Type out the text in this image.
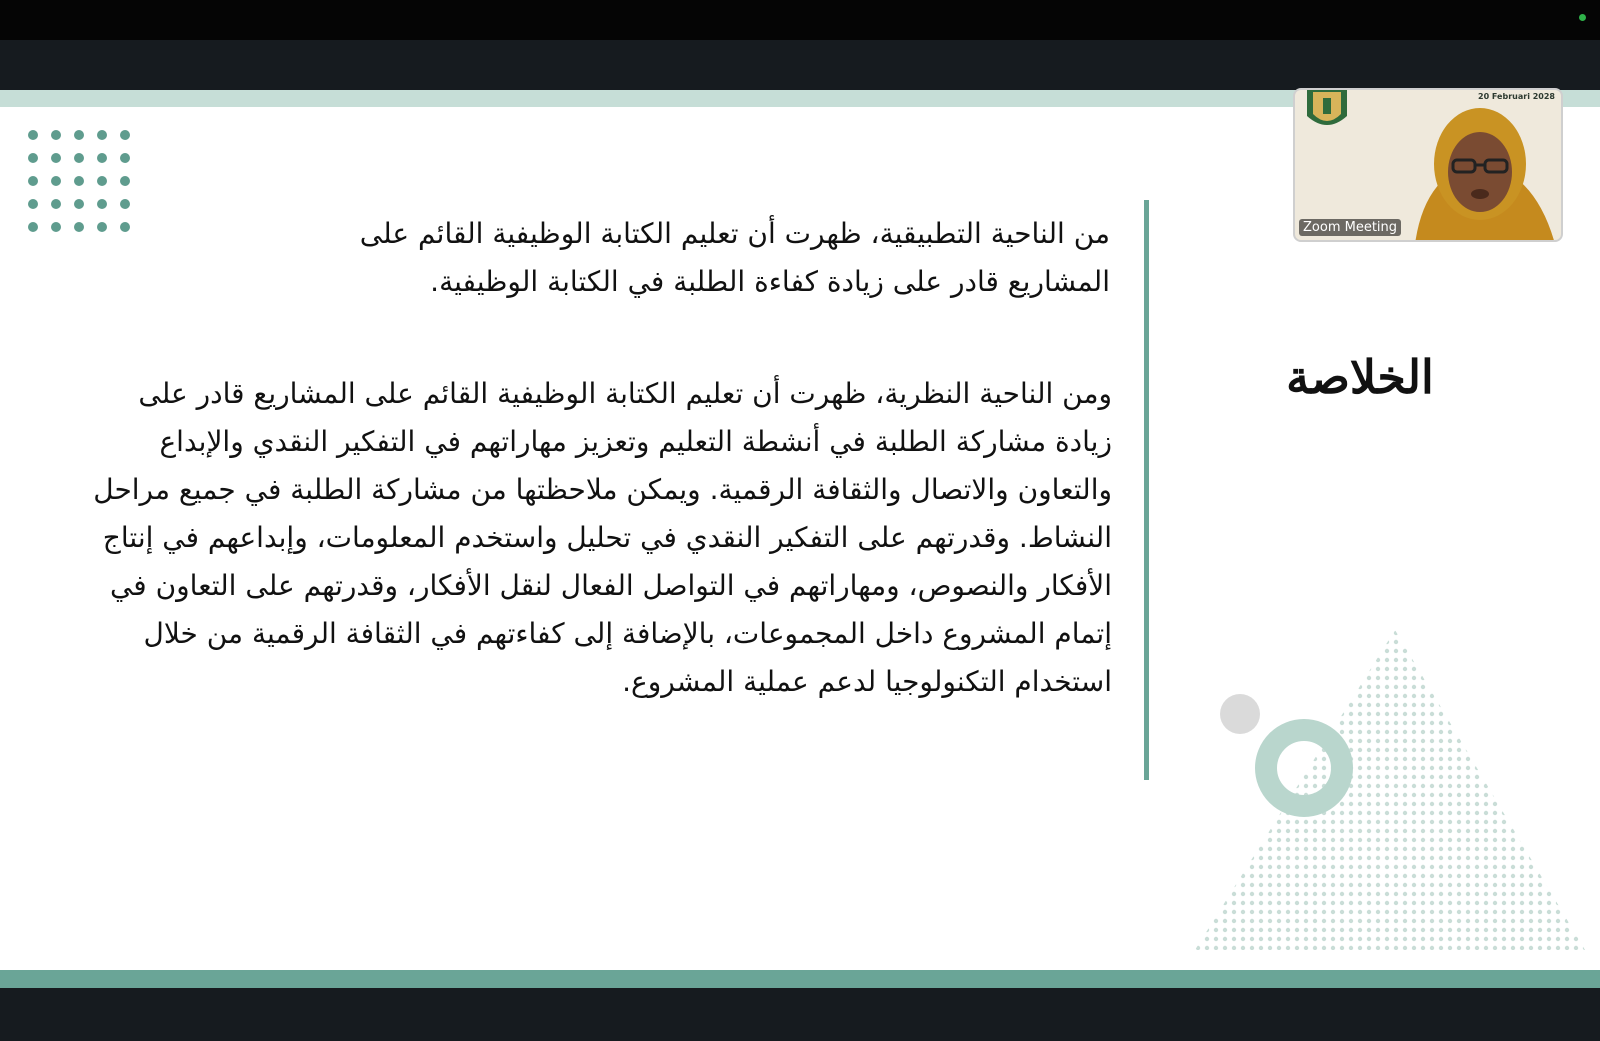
من الناحية التطبيقية، ظهرت أن تعليم الكتابة الوظيفية القائم على المشاريع قادر على زيادة كفاءة الطلبة في الكتابة الوظيفية.
ومن الناحية النظرية، ظهرت أن تعليم الكتابة الوظيفية القائم على المشاريع قادر على زيادة مشاركة الطلبة في أنشطة التعليم وتعزيز مهاراتهم في التفكير النقدي والإبداع والتعاون والاتصال والثقافة الرقمية. ويمكن ملاحظتها من مشاركة الطلبة في جميع مراحل النشاط. وقدرتهم على التفكير النقدي في تحليل واستخدم المعلومات، وإبداعهم في إنتاج الأفكار والنصوص، ومهاراتهم في التواصل الفعال لنقل الأفكار، وقدرتهم على التعاون في إتمام المشروع داخل المجموعات، بالإضافة إلى كفاءتهم في الثقافة الرقمية من خلال استخدام التكنولوجيا لدعم عملية المشروع.
الخلاصة
20 Februari 2028
Zoom Meeting
